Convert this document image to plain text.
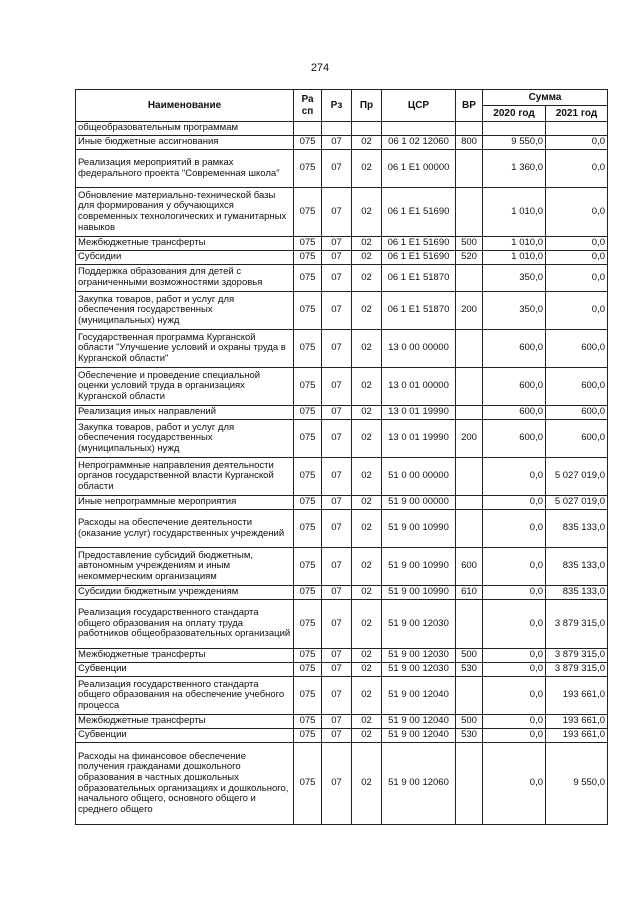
274
Наименование	Ра сп	Рз	Пр	ЦСР	ВР	Сумма	
						2020 год	2021 год
общеобразовательным программам							
Иные бюджетные ассигнования	075	07	02	06 1 02 12060	800	9 550,0	0,0
Реализация мероприятий в рамках федерального проекта "Современная школа"	075	07	02	06 1 Е1 00000		1 360,0	0,0
Обновление материально-технической базы для формирования у обучающихся современных технологических и гуманитарных навыков	075	07	02	06 1 Е1 51690		1 010,0	0,0
Межбюджетные трансферты	075	07	02	06 1 Е1 51690	500	1 010,0	0,0
Субсидии	075	07	02	06 1 Е1 51690	520	1 010,0	0,0
Поддержка образования для детей с ограниченными возможностями здоровья	075	07	02	06 1 Е1 51870		350,0	0,0
Закупка товаров, работ и услуг для обеспечения государственных (муниципальных) нужд	075	07	02	06 1 Е1 51870	200	350,0	0,0
Государственная программа Курганской области "Улучшение условий и охраны труда в Курганской области"	075	07	02	13 0 00 00000		600,0	600,0
Обеспечение и проведение специальной оценки условий труда в организациях Курганской области	075	07	02	13 0 01 00000		600,0	600,0
Реализация иных направлений	075	07	02	13 0 01 19990		600,0	600,0
Закупка товаров, работ и услуг для обеспечения государственных (муниципальных) нужд	075	07	02	13 0 01 19990	200	600,0	600,0
Непрограммные направления деятельности органов государственной власти Курганской области	075	07	02	51 0 00 00000		0,0	5 027 019,0
Иные непрограммные мероприятия	075	07	02	51 9 00 00000		0,0	5 027 019,0
Расходы на обеспечение деятельности (оказание услуг) государственных учреждений	075	07	02	51 9 00 10990		0,0	835 133,0
Предоставление субсидий бюджетным, автономным учреждениям и иным некоммерческим организациям	075	07	02	51 9 00 10990	600	0,0	835 133,0
Субсидии бюджетным учреждениям	075	07	02	51 9 00 10990	610	0,0	835 133,0
Реализация государственного стандарта общего образования на оплату труда работников общеобразовательных организаций	075	07	02	51 9 00 12030		0,0	3 879 315,0
Межбюджетные трансферты	075	07	02	51 9 00 12030	500	0,0	3 879 315,0
Субвенции	075	07	02	51 9 00 12030	530	0,0	3 879 315,0
Реализация государственного стандарта общего образования на обеспечение учебного процесса	075	07	02	51 9 00 12040		0,0	193 661,0
Межбюджетные трансферты	075	07	02	51 9 00 12040	500	0,0	193 661,0
Субвенции	075	07	02	51 9 00 12040	530	0,0	193 661,0
Расходы на финансовое обеспечение получения гражданами дошкольного образования в частных дошкольных образовательных организациях и дошкольного, начального общего, основного общего и среднего общего	075	07	02	51 9 00 12060		0,0	9 550,0
